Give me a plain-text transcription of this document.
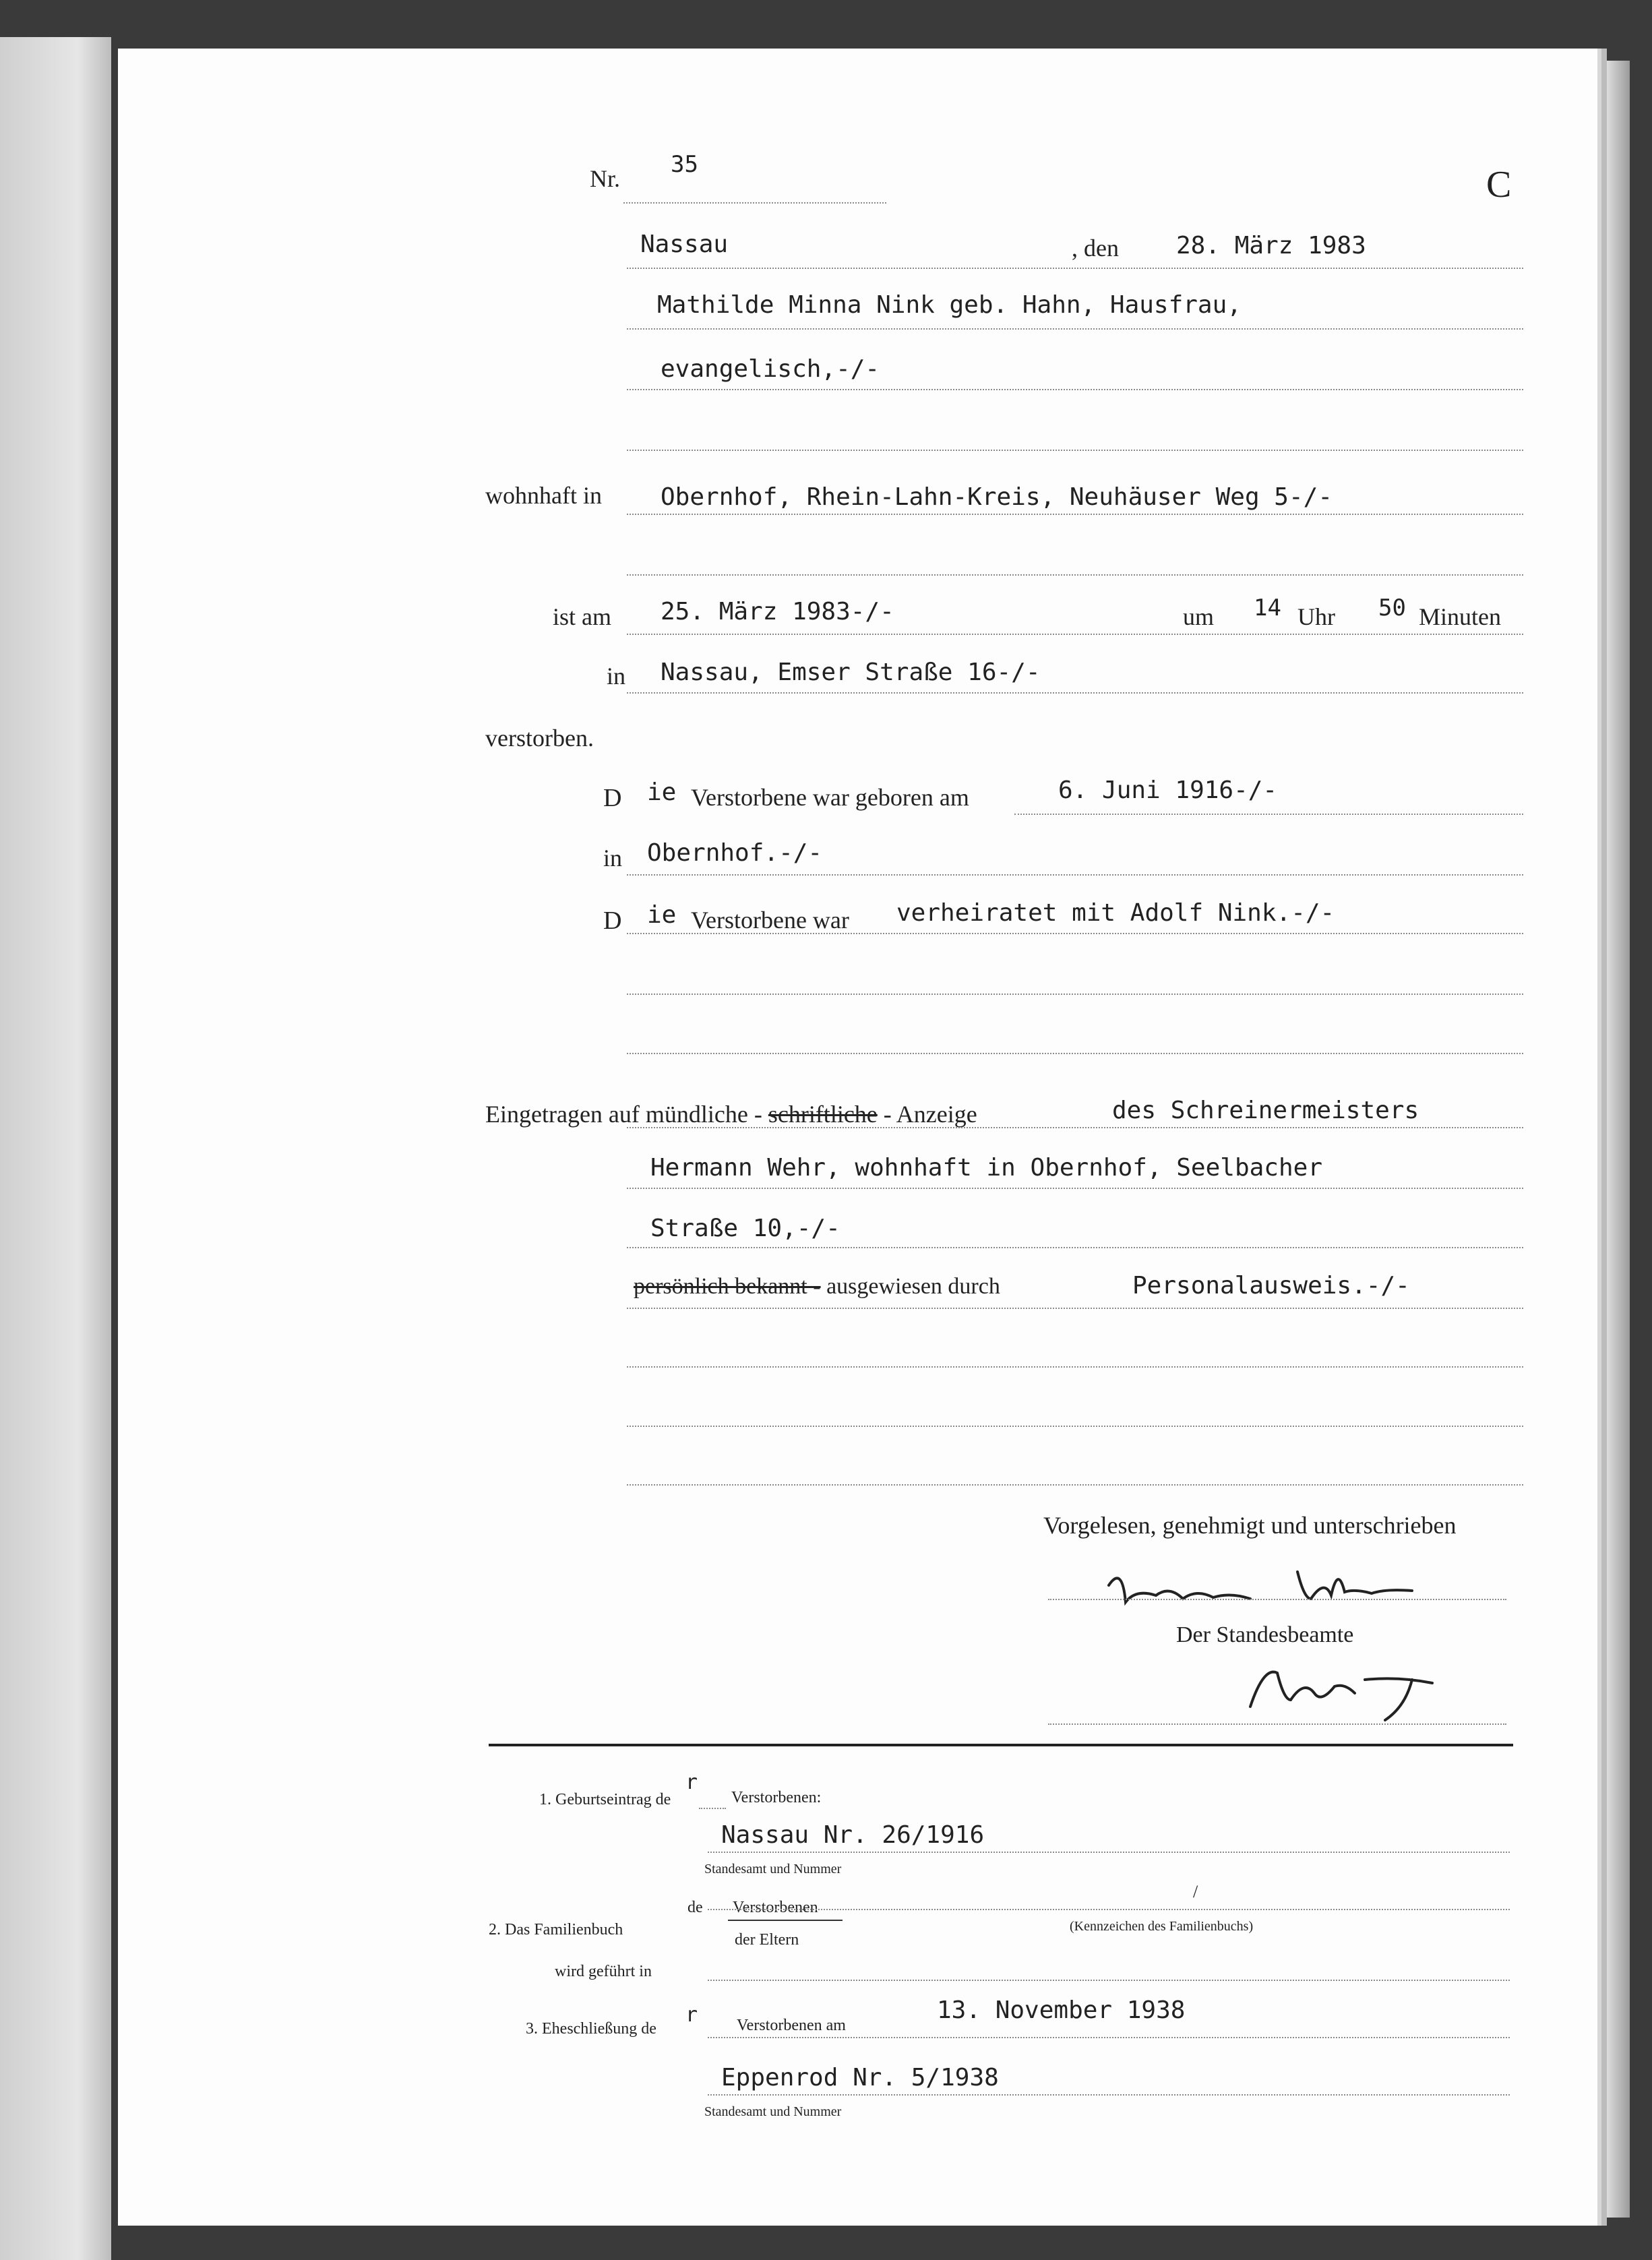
Nr.
35	C
Nassau	, den 28. März 1983
Mathilde Minna Nink geb. Hahn, Hausfrau,
evangelisch,-/-
wohnhaft in Obernhof, Rhein-Lahn-Kreis, Neuhäuser Weg 5-/-
ist am 25. März 1983-/-	um 14 Uhr 50 Minuten
in Nassau, Emser Straße 16-/-
verstorben.
D ie Verstorbene war geboren am	6. Juni 1916-/-
in Obernhof.-/-
D ie Verstorbene war verheiratet mit Adolf Nink.-/-
Eingetragen auf mündliche - schriftliche - Anzeige	des Schreinermeisters
Hermann Wehr, wohnhaft in Obernhof, Seelbacher
Straße 10,-/-
persönlich bekannt - ausgewiesen durch	Personalausweis.-/-
Vorgelesen, genehmigt und unterschrieben
Der Standesbeamte
1. Geburtseintrag de
r
Verstorbenen:
Nassau Nr. 26/1916
Standesamt und Nummer
2. Das Familienbuch
de Verstorbenen
der Eltern
/
(Kennzeichen des Familienbuchs)
wird geführt in
3. Eheschließung de
r Verstorbenen am
13. November 1938
Eppenrod Nr. 5/1938
Standesamt und Nummer
